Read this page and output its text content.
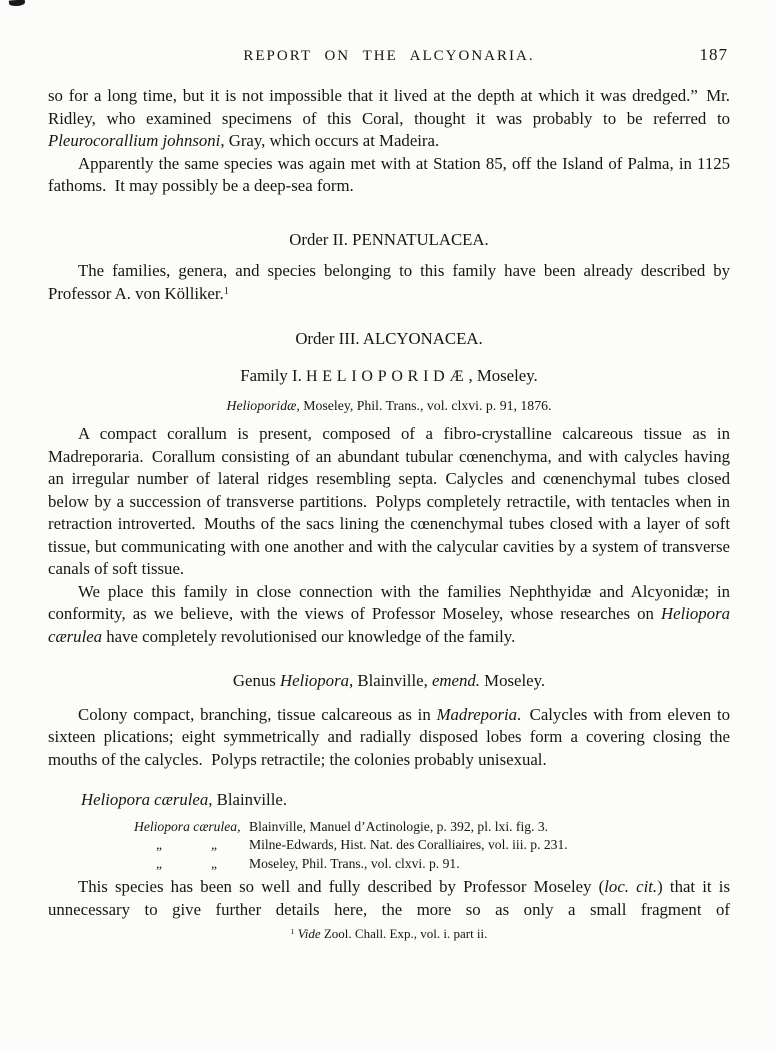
REPORT ON THE ALCYONARIA.	187

so for a long time, but it is not impossible that it lived at the depth at which it was dredged.” Mr. Ridley, who examined specimens of this Coral, thought it was probably to be referred to Pleurocorallium johnsoni, Gray, which occurs at Madeira.

Apparently the same species was again met with at Station 85, off the Island of Palma, in 1125 fathoms. It may possibly be a deep-sea form.

Order II. PENNATULACEA.

The families, genera, and species belonging to this family have been already described by Professor A. von Kölliker.$^1$

Order III. ALCYONACEA.

Family I. HELIOPORIDÆ, Moseley.

Helioporidæ, Moseley, Phil. Trans., vol. clxvi. p. 91, 1876.

A compact corallum is present, composed of a fibro-crystalline calcareous tissue as in Madreporaria. Corallum consisting of an abundant tubular cœnenchyma, and with calycles having an irregular number of lateral ridges resembling septa. Calycles and cœnenchymal tubes closed below by a succession of transverse partitions. Polyps completely retractile, with tentacles when in retraction introverted. Mouths of the sacs lining the cœnenchymal tubes closed with a layer of soft tissue, but communicating with one another and with the calycular cavities by a system of transverse canals of soft tissue.

We place this family in close connection with the families Nephthyidæ and Alcyonidæ; in conformity, as we believe, with the views of Professor Moseley, whose researches on Heliopora cærulea have completely revolutionised our knowledge of the family.

Genus Heliopora, Blainville, emend. Moseley.

Colony compact, branching, tissue calcareous as in Madreporia. Calycles with from eleven to sixteen plications; eight symmetrically and radially disposed lobes form a covering closing the mouths of the calycles. Polyps retractile; the colonies probably unisexual.

Heliopora cærulea, Blainville.

Heliopora cærulea, Blainville, Manuel d’Actinologie, p. 392, pl. lxi. fig. 3.
„	„ Milne-Edwards, Hist. Nat. des Coralliaires, vol. iii. p. 231.
„	„ Moseley, Phil. Trans., vol. clxvi. p. 91.

This species has been so well and fully described by Professor Moseley (loc. cit.) that it is unnecessary to give further details here, the more so as only a small fragment of

$^1$ Vide Zool. Chall. Exp., vol. i. part ii.
